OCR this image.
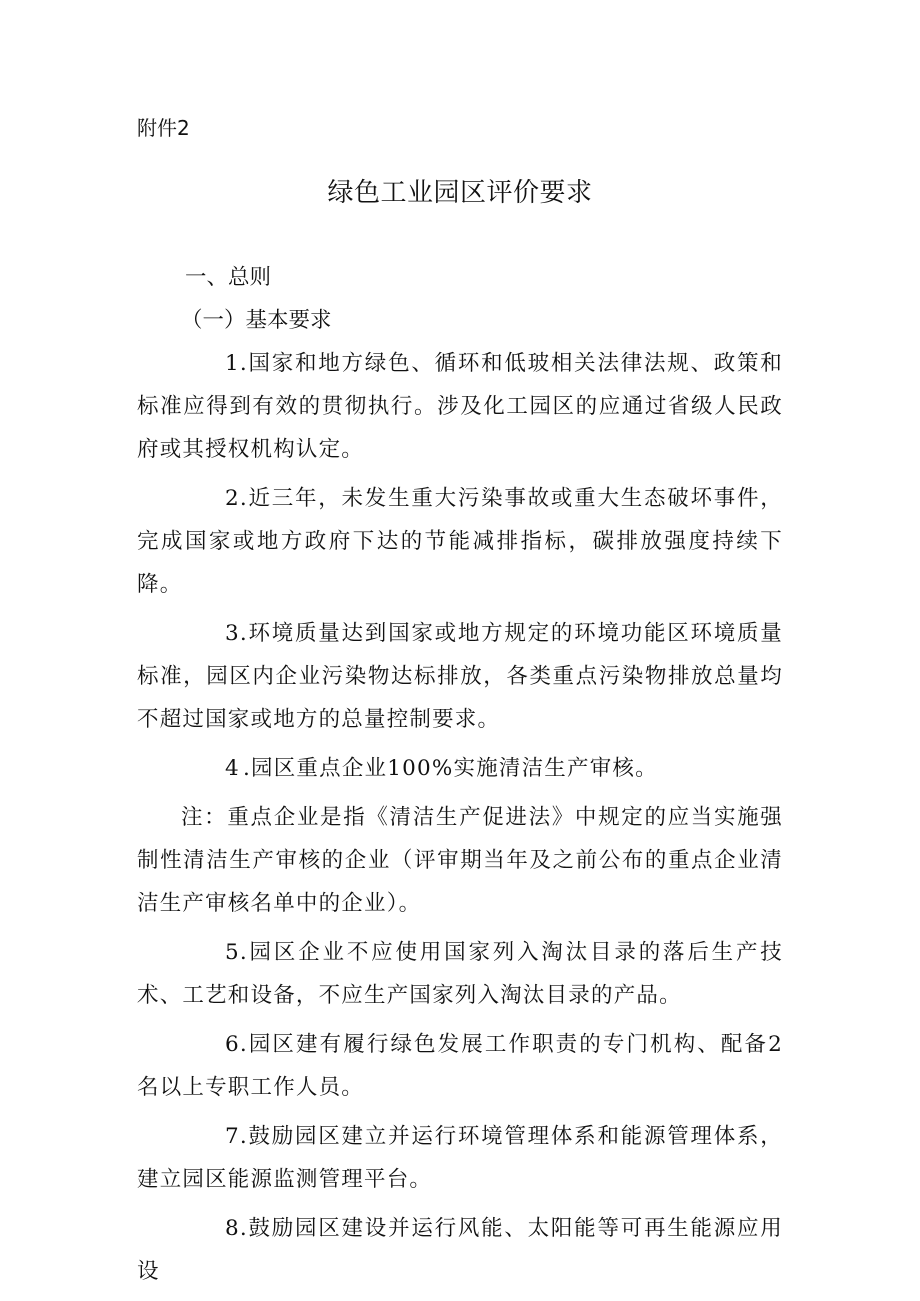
附件2

绿色工业园区评价要求

一、总则

（一）基本要求

1.国家和地方绿色、循环和低玻相关法律法规、政策和标准应得到有效的贯彻执行。涉及化工园区的应通过省级人民政府或其授权机构认定。

2.近三年，未发生重大污染事故或重大生态破坏事件，完成国家或地方政府下达的节能减排指标，碳排放强度持续下降。

3.环境质量达到国家或地方规定的环境功能区环境质量标准，园区内企业污染物达标排放，各类重点污染物排放总量均不超过国家或地方的总量控制要求。

4 .园区重点企业100%实施清洁生产审核。

注：重点企业是指《清洁生产促进法》中规定的应当实施强制性清洁生产审核的企业（评审期当年及之前公布的重点企业清洁生产审核名单中的企业）。

5.园区企业不应使用国家列入淘汰目录的落后生产技术、工艺和设备，不应生产国家列入淘汰目录的产品。

6.园区建有履行绿色发展工作职责的专门机构、配备2名以上专职工作人员。

7.鼓励园区建立并运行环境管理体系和能源管理体系，建立园区能源监测管理平台。

8.鼓励园区建设并运行风能、太阳能等可再生能源应用设
